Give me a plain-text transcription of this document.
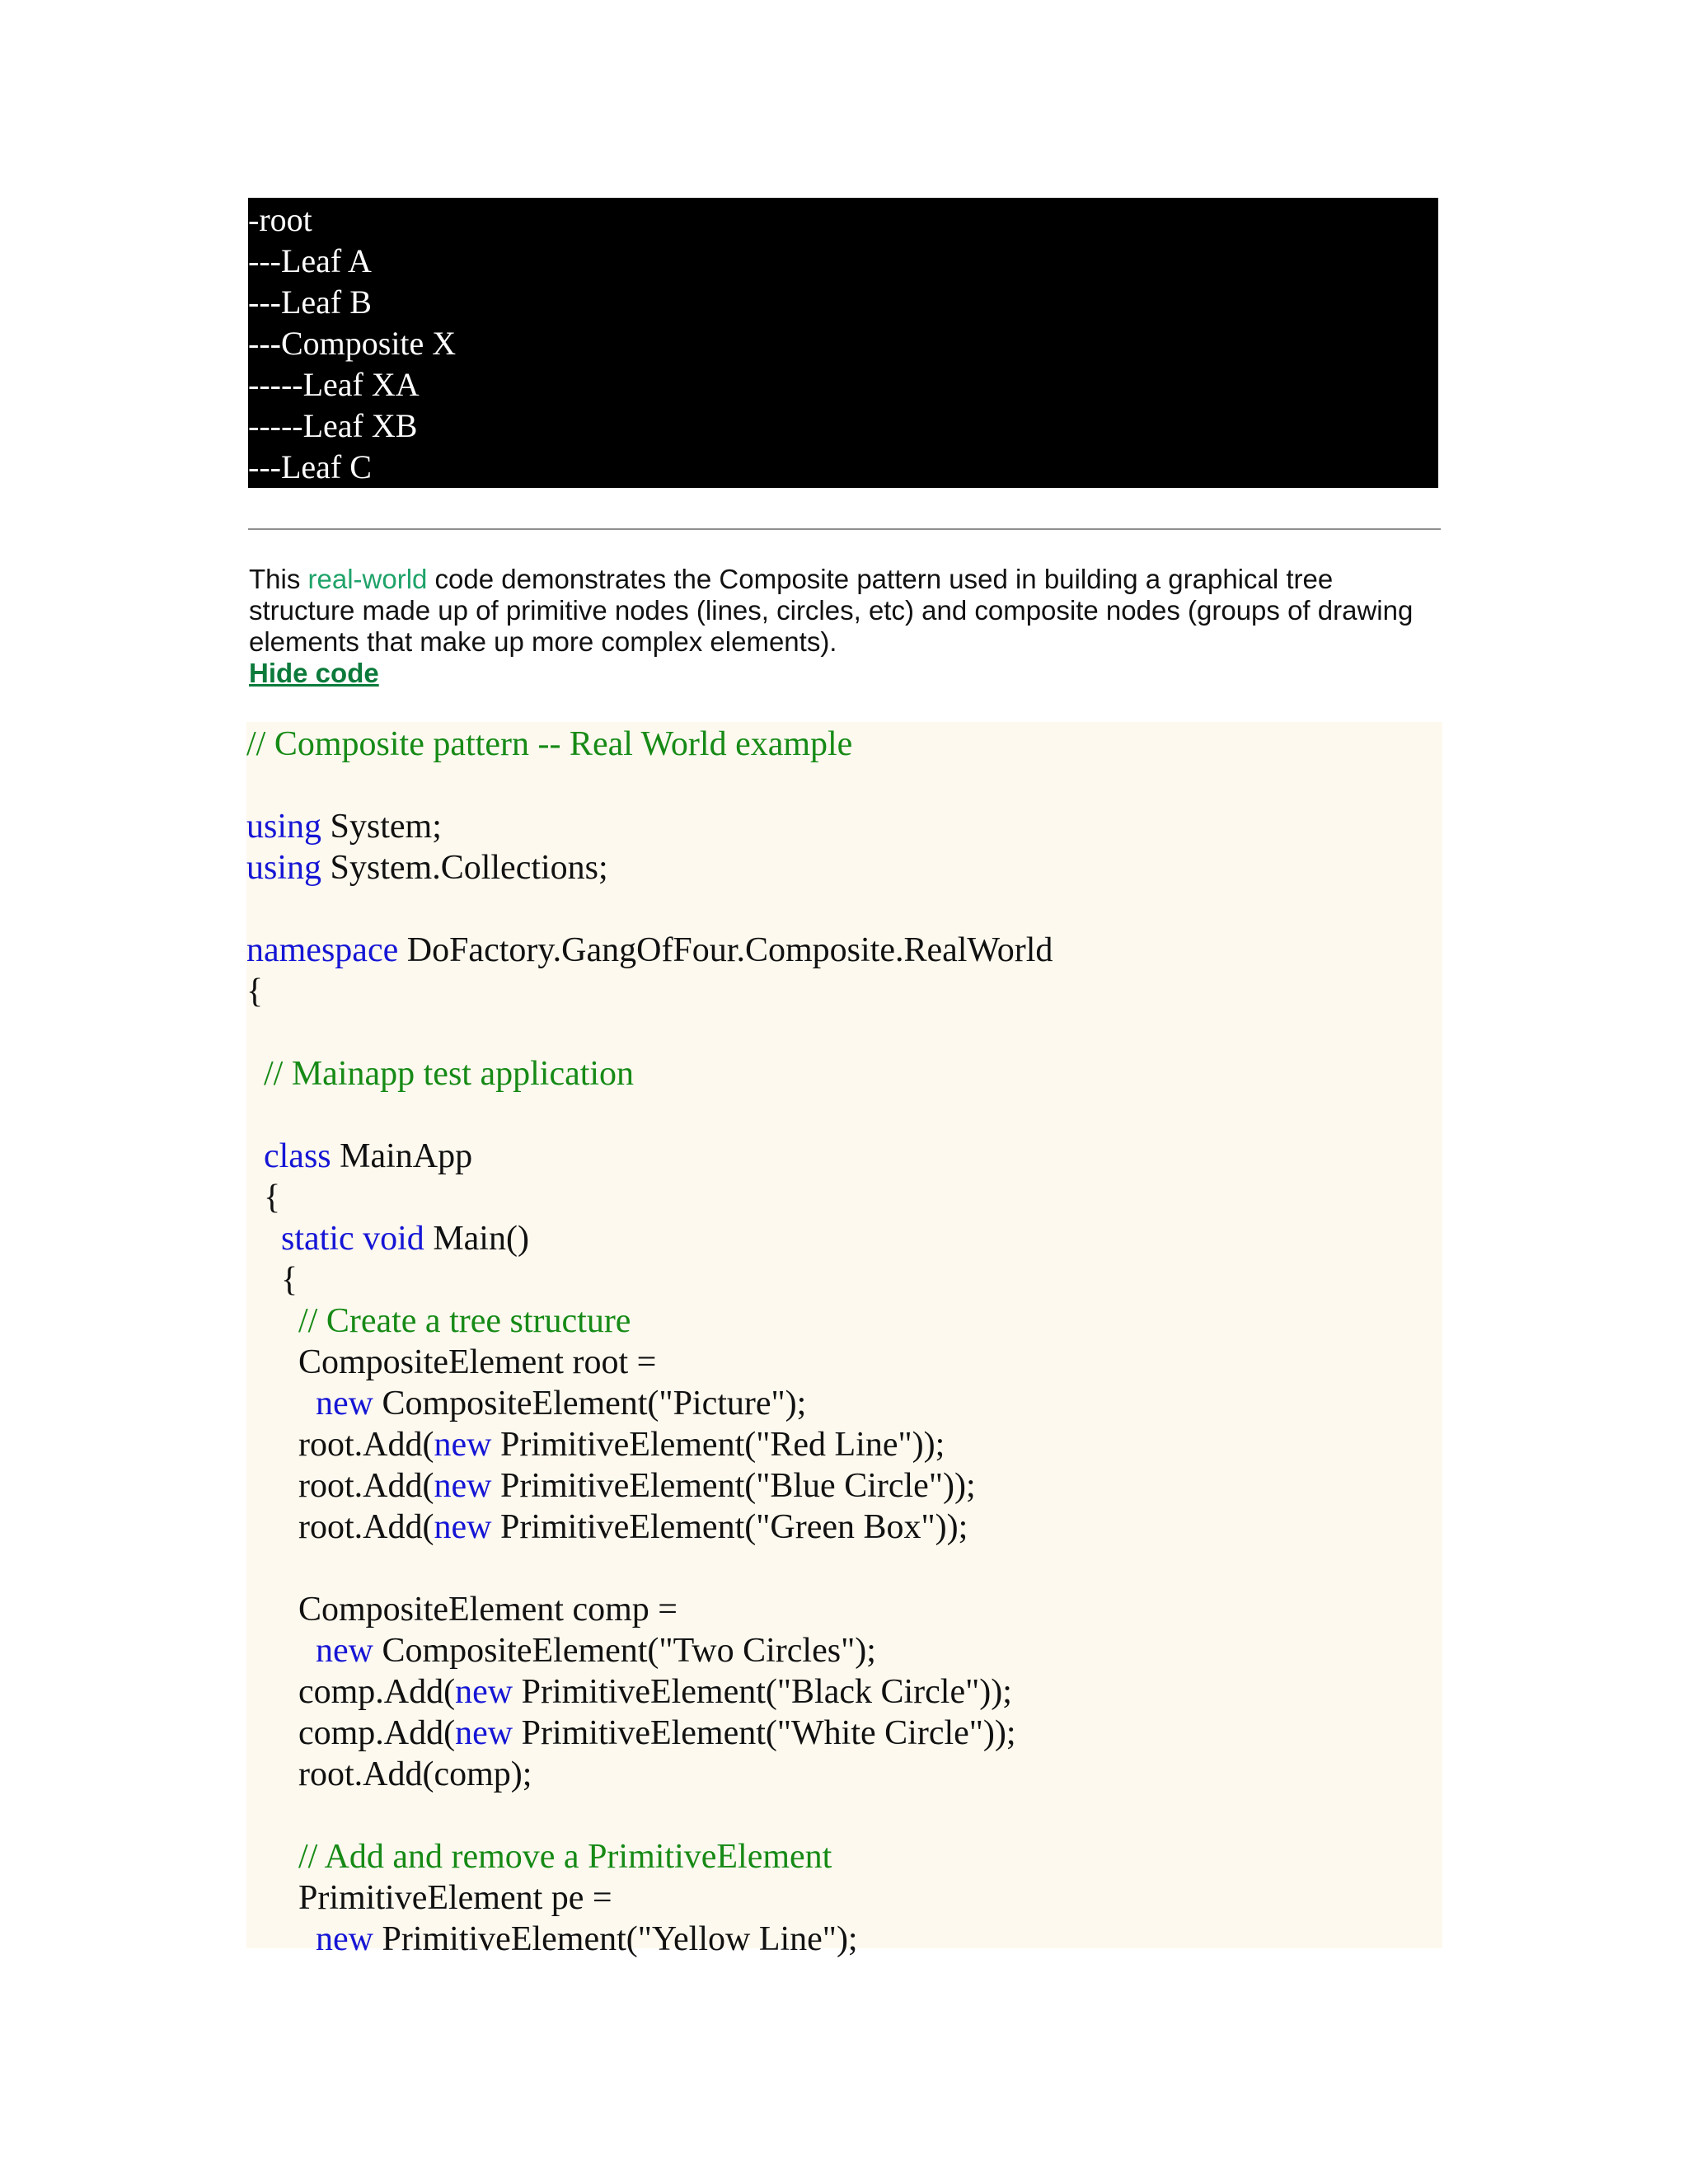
-root
---Leaf A
---Leaf B
---Composite X
-----Leaf XA
-----Leaf XB
---Leaf C
This real-world code demonstrates the Composite pattern used in building a graphical tree structure made up of primitive nodes (lines, circles, etc) and composite nodes (groups of drawing elements that make up more complex elements).
Hide code
// Composite pattern -- Real World example
using System;
using System.Collections;
namespace DoFactory.GangOfFour.Composite.RealWorld
{
// Mainapp test application
class MainApp
{
static void Main()
{
// Create a tree structure
CompositeElement root =
new CompositeElement("Picture");
root.Add(new PrimitiveElement("Red Line"));
root.Add(new PrimitiveElement("Blue Circle"));
root.Add(new PrimitiveElement("Green Box"));
CompositeElement comp =
new CompositeElement("Two Circles");
comp.Add(new PrimitiveElement("Black Circle"));
comp.Add(new PrimitiveElement("White Circle"));
root.Add(comp);
// Add and remove a PrimitiveElement
PrimitiveElement pe =
new PrimitiveElement("Yellow Line");
